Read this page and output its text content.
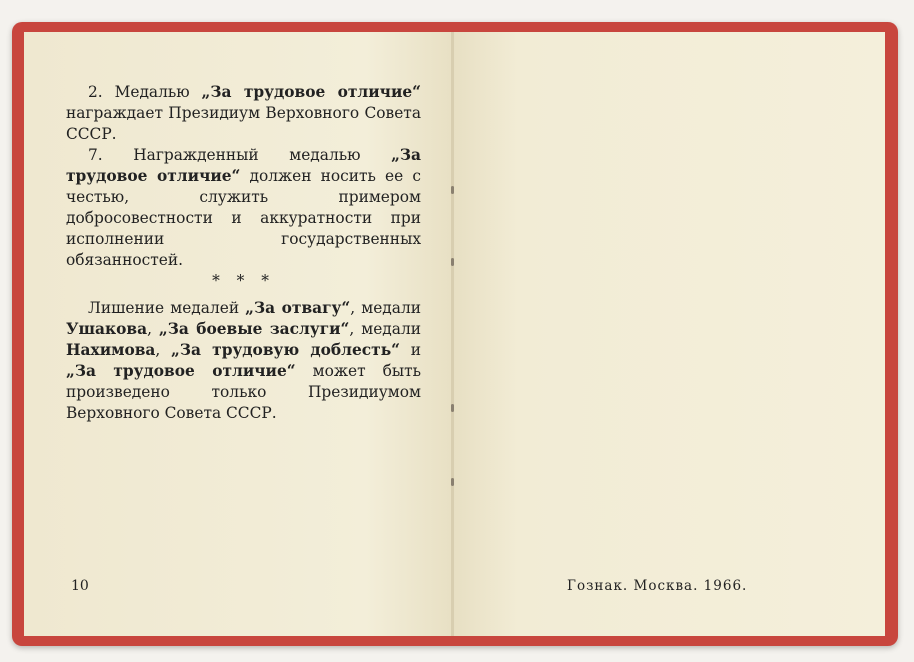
2. Медалью „За трудовое отличие“ награждает Президиум Верховного Совета СССР.

7. Награжденный медалью „За трудовое отличие“ должен носить ее с честью, служить примером добросовестности и аккуратности при исполнении государственных обязанностей.

* * *

Лишение медалей „За отвагу“, медали Ушакова, „За боевые заслуги“, медали Нахимова, „За трудовую доблесть“ и „За трудовое отличие“ может быть произведено только Президиумом Верховного Совета СССР.

10	Гознак. Москва. 1966.
